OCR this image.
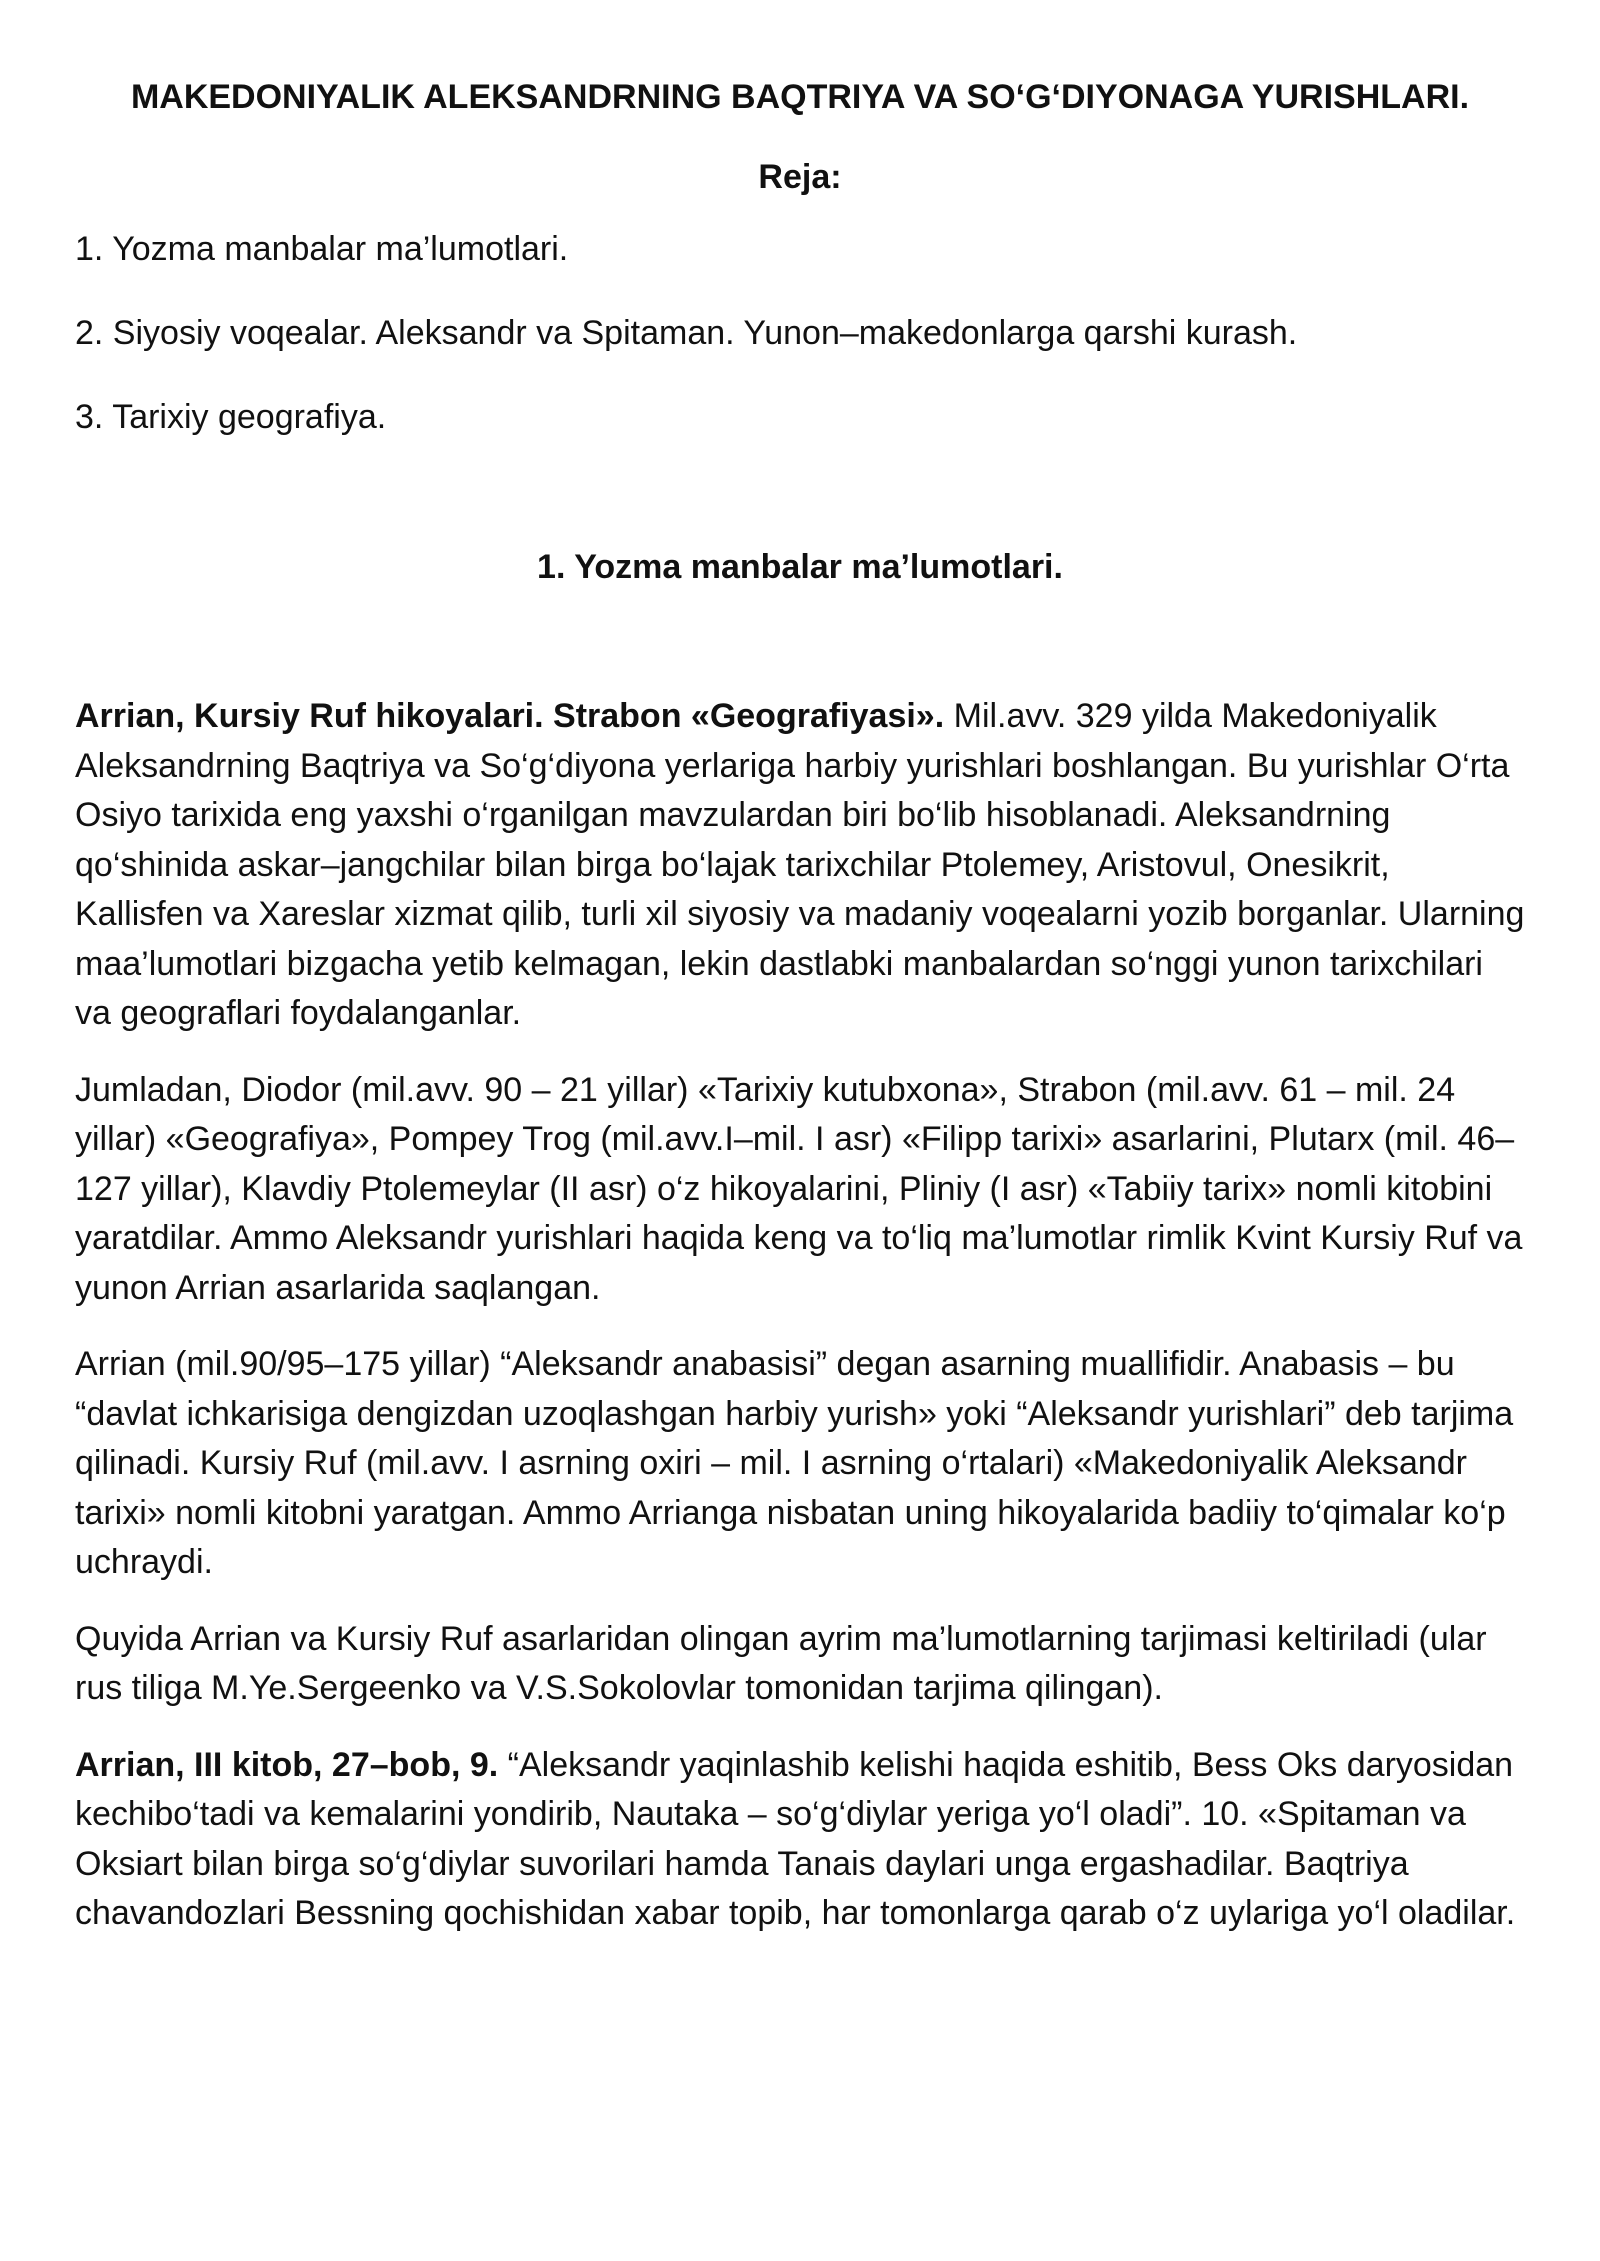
MAKEDONIYALIK ALEKSANDRNING BAQTRIYA VA SO‘G‘DIYONAGA YURISHLARI.
Reja:
1. Yozma manbalar ma’lumotlari.
2. Siyosiy voqealar. Aleksandr va Spitaman. Yunon–makedonlarga qarshi kurash.
3. Tarixiy geografiya.
1. Yozma manbalar ma’lumotlari.

Arrian, Kursiy Ruf hikoyalari. Strabon «Geografiyasi». Mil.avv. 329 yilda Makedoniyalik Aleksandrning Baqtriya va So‘g‘diyona yerlariga harbiy yurishlari boshlangan. Bu yurishlar O‘rta Osiyo tarixida eng yaxshi o‘rganilgan mavzulardan biri bo‘lib hisoblanadi. Aleksandrning qo‘shinida askar–jangchilar bilan birga bo‘lajak tarixchilar Ptolemey, Aristovul, Onesikrit, Kallisfen va Xareslar xizmat qilib, turli xil siyosiy va madaniy voqealarni yozib borganlar. Ularning maa’lumotlari bizgacha yetib kelmagan, lekin dastlabki manbalardan so‘nggi yunon tarixchilari va geograflari foydalanganlar.

Jumladan, Diodor (mil.avv. 90 – 21 yillar) «Tarixiy kutubxona», Strabon (mil.avv. 61 – mil. 24 yillar) «Geografiya», Pompey Trog (mil.avv.I–mil. I asr) «Filipp tarixi» asarlarini, Plutarx (mil. 46–127 yillar), Klavdiy Ptolemeylar (II asr) o‘z hikoyalarini, Pliniy (I asr) «Tabiiy tarix» nomli kitobini yaratdilar. Ammo Aleksandr yurishlari haqida keng va to‘liq ma’lumotlar rimlik Kvint Kursiy Ruf va yunon Arrian asarlarida saqlangan.

Arrian (mil.90/95–175 yillar) “Aleksandr anabasisi” degan asarning muallifidir. Anabasis – bu “davlat ichkarisiga dengizdan uzoqlashgan harbiy yurish» yoki “Aleksandr yurishlari” deb tarjima qilinadi. Kursiy Ruf (mil.avv. I asrning oxiri – mil. I asrning o‘rtalari) «Makedoniyalik Aleksandr tarixi» nomli kitobni yaratgan. Ammo Arrianga nisbatan uning hikoyalarida badiiy to‘qimalar ko‘p uchraydi.

Quyida Arrian va Kursiy Ruf asarlaridan olingan ayrim ma’lumotlarning tarjimasi keltiriladi (ular rus tiliga M.Ye.Sergeenko va V.S.Sokolovlar tomonidan tarjima qilingan).

Arrian, III kitob, 27–bob, 9. “Aleksandr yaqinlashib kelishi haqida eshitib, Bess Oks daryosidan kechibo‘tadi va kemalarini yondirib, Nautaka – so‘g‘diylar yeriga yo‘l oladi”. 10. «Spitaman va Oksiart bilan birga so‘g‘diylar suvorilari hamda Tanais daylari unga ergashadilar. Baqtriya chavandozlari Bessning qochishidan xabar topib, har tomonlarga qarab o‘z uylariga yo‘l oladilar.
